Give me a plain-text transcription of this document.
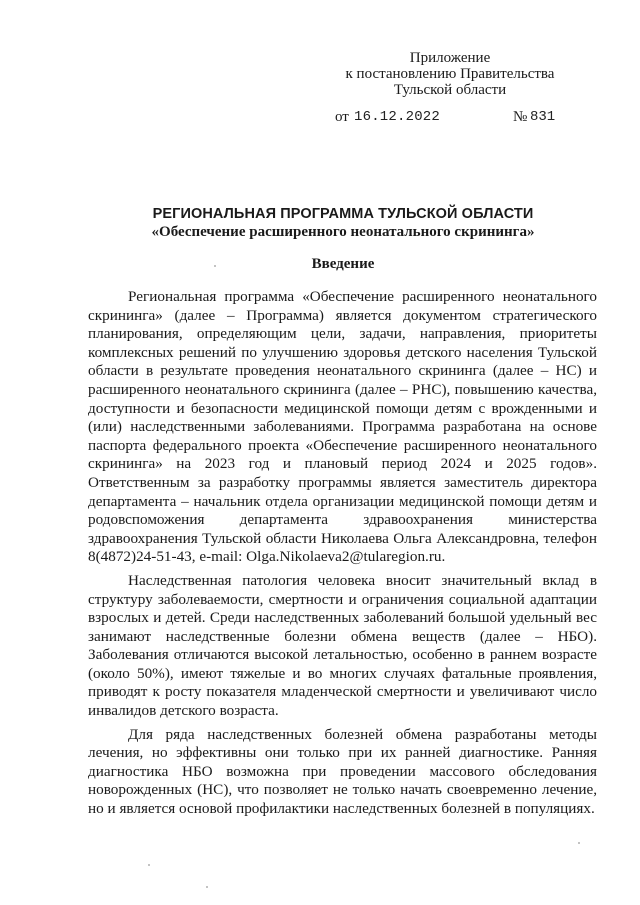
Приложение
к постановлению Правительства
Тульской области
от 16.12.2022	№ 831
РЕГИОНАЛЬНАЯ ПРОГРАММА ТУЛЬСКОЙ ОБЛАСТИ
«Обеспечение расширенного неонатального скрининга»
Введение

Региональная программа «Обеспечение расширенного неонатального скрининга» (далее – Программа) является документом стратегического планирования, определяющим цели, задачи, направления, приоритеты комплексных решений по улучшению здоровья детского населения Тульской области в результате проведения неонатального скрининга (далее – НС) и расширенного неонатального скрининга (далее – РНС), повышению качества, доступности и безопасности медицинской помощи детям с врожденными и (или) наследственными заболеваниями. Программа разработана на основе паспорта федерального проекта «Обеспечение расширенного неонатального скрининга» на 2023 год и плановый период 2024 и 2025 годов». Ответственным за разработку программы является заместитель директора департамента – начальник отдела организации медицинской помощи детям и родовспоможения департамента здравоохранения министерства здравоохранения Тульской области Николаева Ольга Александровна, телефон 8(4872)24-51-43, e-mail: Olga.Nikolaeva2@tularegion.ru.

Наследственная патология человека вносит значительный вклад в структуру заболеваемости, смертности и ограничения социальной адаптации взрослых и детей. Среди наследственных заболеваний большой удельный вес занимают наследственные болезни обмена веществ (далее – НБО). Заболевания отличаются высокой летальностью, особенно в раннем возрасте (около 50%), имеют тяжелые и во многих случаях фатальные проявления, приводят к росту показателя младенческой смертности и увеличивают число инвалидов детского возраста.

Для ряда наследственных болезней обмена разработаны методы лечения, но эффективны они только при их ранней диагностике. Ранняя диагностика НБО возможна при проведении массового обследования новорожденных (НС), что позволяет не только начать своевременно лечение, но и является основой профилактики наследственных болезней в популяциях.
